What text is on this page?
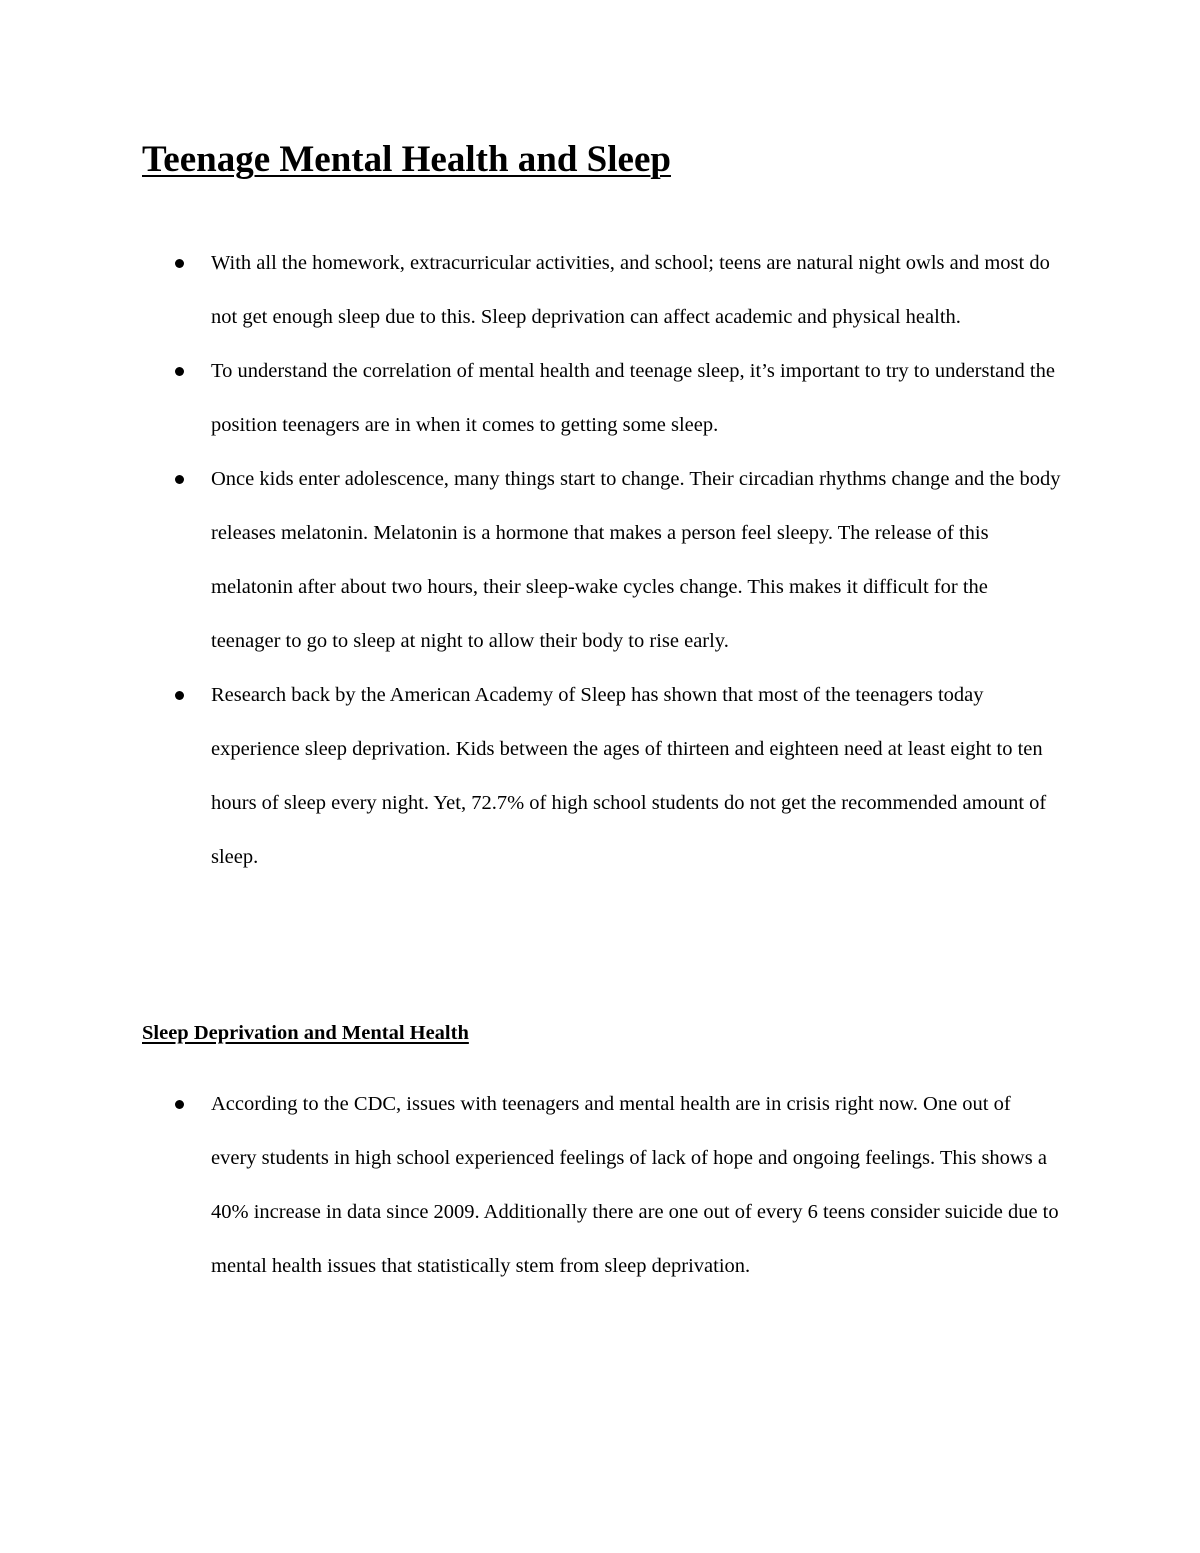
Teenage Mental Health and Sleep
With all the homework, extracurricular activities, and school; teens are natural night owls and most do not get enough sleep due to this. Sleep deprivation can affect academic and physical health.
To understand the correlation of mental health and teenage sleep, it’s important to try to understand the position teenagers are in when it comes to getting some sleep.
Once kids enter adolescence, many things start to change. Their circadian rhythms change and the body releases melatonin. Melatonin is a hormone that makes a person feel sleepy. The release of this melatonin after about two hours, their sleep-wake cycles change. This makes it difficult for the teenager to go to sleep at night to allow their body to rise early.
Research back by the American Academy of Sleep has shown that most of the teenagers today experience sleep deprivation. Kids between the ages of thirteen and eighteen need at least eight to ten hours of sleep every night. Yet, 72.7% of high school students do not get the recommended amount of sleep.
Sleep Deprivation and Mental Health
According to the CDC, issues with teenagers and mental health are in crisis right now. One out of every students in high school experienced feelings of lack of hope and ongoing feelings. This shows a 40% increase in data since 2009. Additionally there are one out of every 6 teens consider suicide due to mental health issues that statistically stem from sleep deprivation.
